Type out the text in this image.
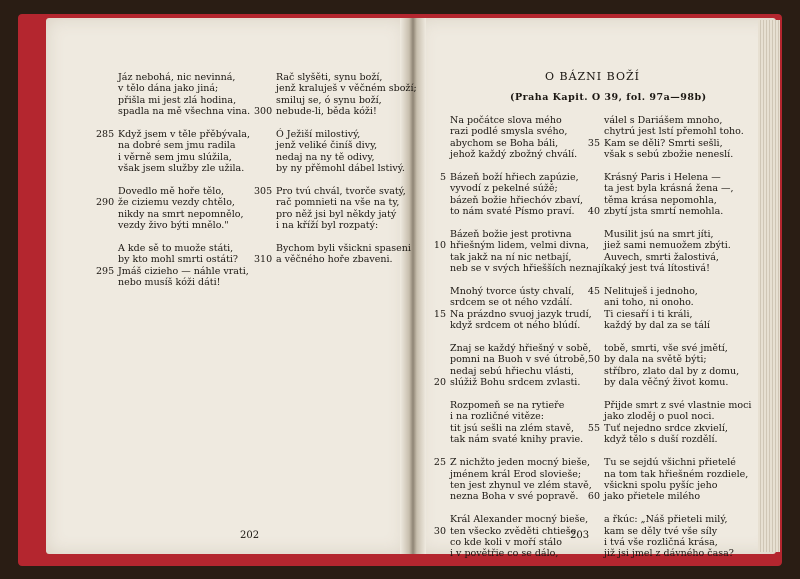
Jáz nebohá, nic nevinná,
v tělo dána jako jiná;
přišla mi jest zlá hodina,
spadla na mě všechna vina.
285 Když jsem v těle přěbývala,
na dobré sem jmu radila
i věrně sem jmu slúžila,
však jsem služby zle užila.
Dovedlo mě hoře tělo,
290 že ciziemu vezdy chtělo,
nikdy na smrt nepomnělo,
vezdy živo býti mnělo."
A kde sě to muože státi,
by kto mohl smrti ostáti?
295 Jmáš cizieho — náhle vrati,
nebo musíš kóži dáti!
Rač slyšěti, synu boží,
jenž kraluješ v věčném sboží;
smiluj se, ó synu boží,
300 nebude-li, běda kóži!
Ó Ježiší milostivý,
jenž veliké činíš divy,
nedaj na ny tě odivy,
by ny přěmohl dábel lstivý.
305 Pro tvú chvál, tvorče svatý,
rač pomnieti na vše na ty,
pro něž jsi byl někdy jatý
i na kříží byl rozpatý:
Bychom byli všickni spaseni
310 a věčného hoře zbaveni.
202
O BÁZNI BOŽÍ
(Praha Kapit. O 39, fol. 97a—98b)
Na počátce slova mého
razi podlé smysla svého,
abychom se Boha báli,
jehož každý zbožný chválí.
5 Bázeň boží hřiech zapúzie,
vyvodí z pekelné súžě;
bázeň božie hřiechóv zbaví,
to nám svaté Písmo praví.
Bázeň božie jest protivna
10 hřiešným lidem, velmi divna,
tak jakž na ní nic netbají,
neb se v svých hřiešších neznají.
Mnohý tvorce ústy chvalí,
srdcem se ot ného vzdálí.
15 Na prázdno svuoj jazyk trudí,
když srdcem ot ného blúdí.
Znaj se každý hřiešný v sobě,
pomni na Buoh v své útrobě,
nedaj sebú hřiechu vlásti,
20 slúžiž Bohu srdcem zvlasti.
Rozpomeň se na rytieře
i na rozličné vitěze:
tit jsú sešli na zlém stavě,
tak nám svaté knihy pravie.
25 Z nichžto jeden mocný bieše,
jménem král Erod slovieše;
ten jest zhynul ve zlém stavě,
nezna Boha v své popravě.
Král Alexander mocný bieše,
30 ten všecko zvěděti chtieše,
co kde koli v moří stálo
i v povětřie co se dálo,
válel s Dariášem mnoho,
chytrú jest lstí přemohl toho.
35 Kam se děli? Smrti sešli,
však s sebú zbožie neneslí.
Krásný Paris i Helena —
ta jest byla krásná žena —,
těma krása nepomohla,
40 zbytí jsta smrtí nemohla.
Musilit jsú na smrt jíti,
jiež sami nemuožem zbýti.
Auvech, smrti žalostivá,
kaký jest tvá lítostivá!
45 Nelituješ i jednoho,
ani toho, ni onoho.
Ti ciesaří i ti králi,
každý by dal za se tálí
tobě, smrti, vše své jmětí,
50 by dala na světě býti;
stříbro, zlato dal by z domu,
by dala věčný život komu.
Přijde smrt z své vlastnie moci
jako zloděj o puol noci.
55 Tuť nejedno srdce zkvielí,
když tělo s duší rozdělí.
Tu se sejdú všichni přietelé
na tom tak hřiešném rozdiele,
všickni spolu pyšíc jeho
60 jako přietele milého
a řkúc: „Náš přieteli milý,
kam se děly tvé vše síly
i tvá vše rozličná krása,
již jsi jmel z dávného časa?
203
